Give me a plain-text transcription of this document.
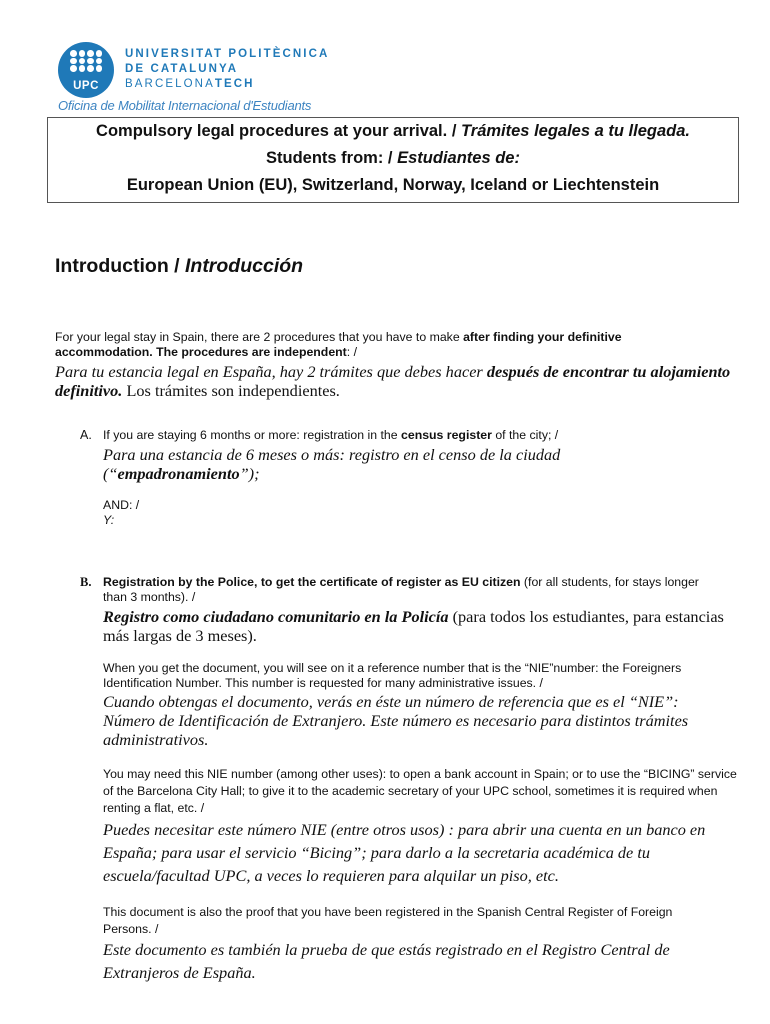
UPC
UNIVERSITAT POLITÈCNICA
DE CATALUNYA
BARCELONATECH
Oficina de Mobilitat Internacional d'Estudiants
Compulsory legal procedures at your arrival. / Trámites legales a tu llegada.
Students from: / Estudiantes de:
European Union (EU), Switzerland, Norway, Iceland or Liechtenstein
Introduction / Introducción
For your legal stay in Spain, there are 2 procedures that you have to make after finding your definitive accommodation. The procedures are independent: /
Para tu estancia legal en España, hay 2 trámites que debes hacer después de encontrar tu alojamiento definitivo. Los trámites son independientes.
A. If you are staying 6 months or more: registration in the census register of the city; /
Para una estancia de 6 meses o más: registro en el censo de la ciudad (“empadronamiento”);
AND: /
Y:
B. Registration by the Police, to get the certificate of register as EU citizen (for all students, for stays longer than 3 months). /
Registro como ciudadano comunitario en la Policía (para todos los estudiantes, para estancias más largas de 3 meses).
When you get the document, you will see on it a reference number that is the “NIE”number: the Foreigners Identification Number. This number is requested for many administrative issues. /
Cuando obtengas el documento, verás en éste un número de referencia que es el “NIE”: Número de Identificación de Extranjero. Este número es necesario para distintos trámites administrativos.
You may need this NIE number (among other uses): to open a bank account in Spain; or to use the “BICING” service of the Barcelona City Hall; to give it to the academic secretary of your UPC school, sometimes it is required when renting a flat, etc. /
Puedes necesitar este número NIE (entre otros usos) : para abrir una cuenta en un banco en España; para usar el servicio “Bicing”; para darlo a la secretaria académica de tu escuela/facultad UPC, a veces lo requieren para alquilar un piso, etc.
This document is also the proof that you have been registered in the Spanish Central Register of Foreign Persons. /
Este documento es también la prueba de que estás registrado en el Registro Central de Extranjeros de España.
